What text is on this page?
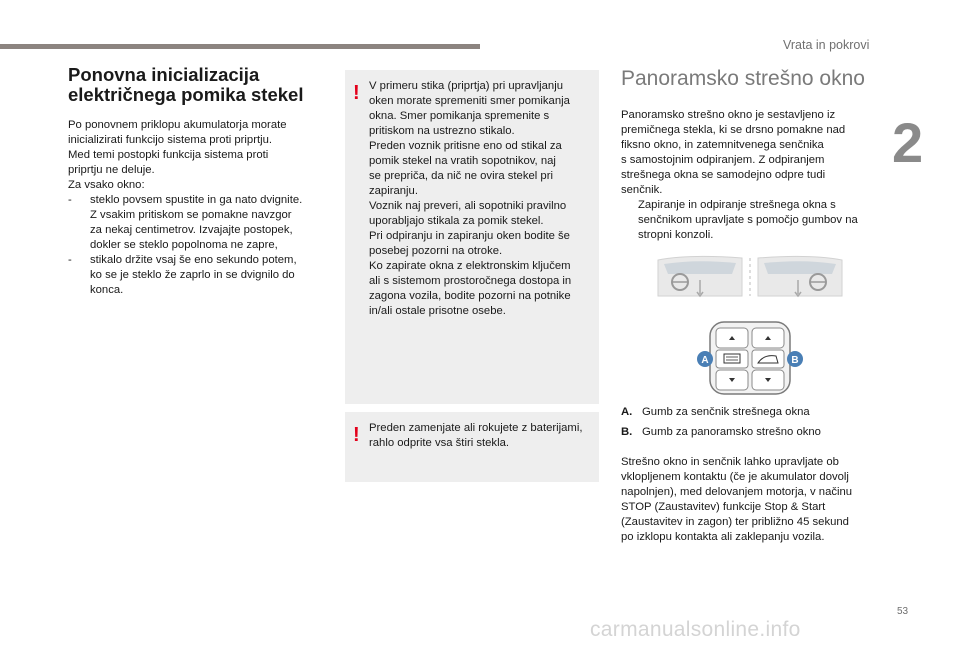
Vrata in pokrovi
2
Ponovna inicializacija
električnega pomika stekel
Po ponovnem priklopu akumulatorja morate
inicializirati funkcijo sistema proti priprtju.
Med temi postopki funkcija sistema proti
priprtju ne deluje.
Za vsako okno:
- steklo povsem spustite in ga nato dvignite.
Z vsakim pritiskom se pomakne navzgor
za nekaj centimetrov. Izvajajte postopek,
dokler se steklo popolnoma ne zapre,
- stikalo držite vsaj še eno sekundo potem,
ko se je steklo že zaprlo in se dvignilo do
konca.
! V primeru stika (priprtja) pri upravljanju
oken morate spremeniti smer pomikanja
okna. Smer pomikanja spremenite s
pritiskom na ustrezno stikalo.
Preden voznik pritisne eno od stikal za
pomik stekel na vratih sopotnikov, naj
se prepriča, da nič ne ovira stekel pri
zapiranju.
Voznik naj preveri, ali sopotniki pravilno
uporabljajo stikala za pomik stekel.
Pri odpiranju in zapiranju oken bodite še
posebej pozorni na otroke.
Ko zapirate okna z elektronskim ključem
ali s sistemom prostoročnega dostopa in
zagona vozila, bodite pozorni na potnike
in/ali ostale prisotne osebe.
! Preden zamenjate ali rokujete z baterijami,
rahlo odprite vsa štiri stekla.
Panoramsko strešno okno
Panoramsko strešno okno je sestavljeno iz
premičnega stekla, ki se drsno pomakne nad
fiksno okno, in zatemnitvenega senčnika
s samostojnim odpiranjem. Z odpiranjem
strešnega okna se samodejno odpre tudi
senčnik.
Zapiranje in odpiranje strešnega okna s
senčnikom upravljate s pomočjo gumbov na
stropni konzoli.
A	B
A. Gumb za senčnik strešnega okna
B. Gumb za panoramsko strešno okno
Strešno okno in senčnik lahko upravljate ob
vklopljenem kontaktu (če je akumulator dovolj
napolnjen), med delovanjem motorja, v načinu
STOP (Zaustavitev) funkcije Stop & Start
(Zaustavitev in zagon) ter približno 45 sekund
po izklopu kontakta ali zaklepanju vozila.
53
carmanualsonline.info
